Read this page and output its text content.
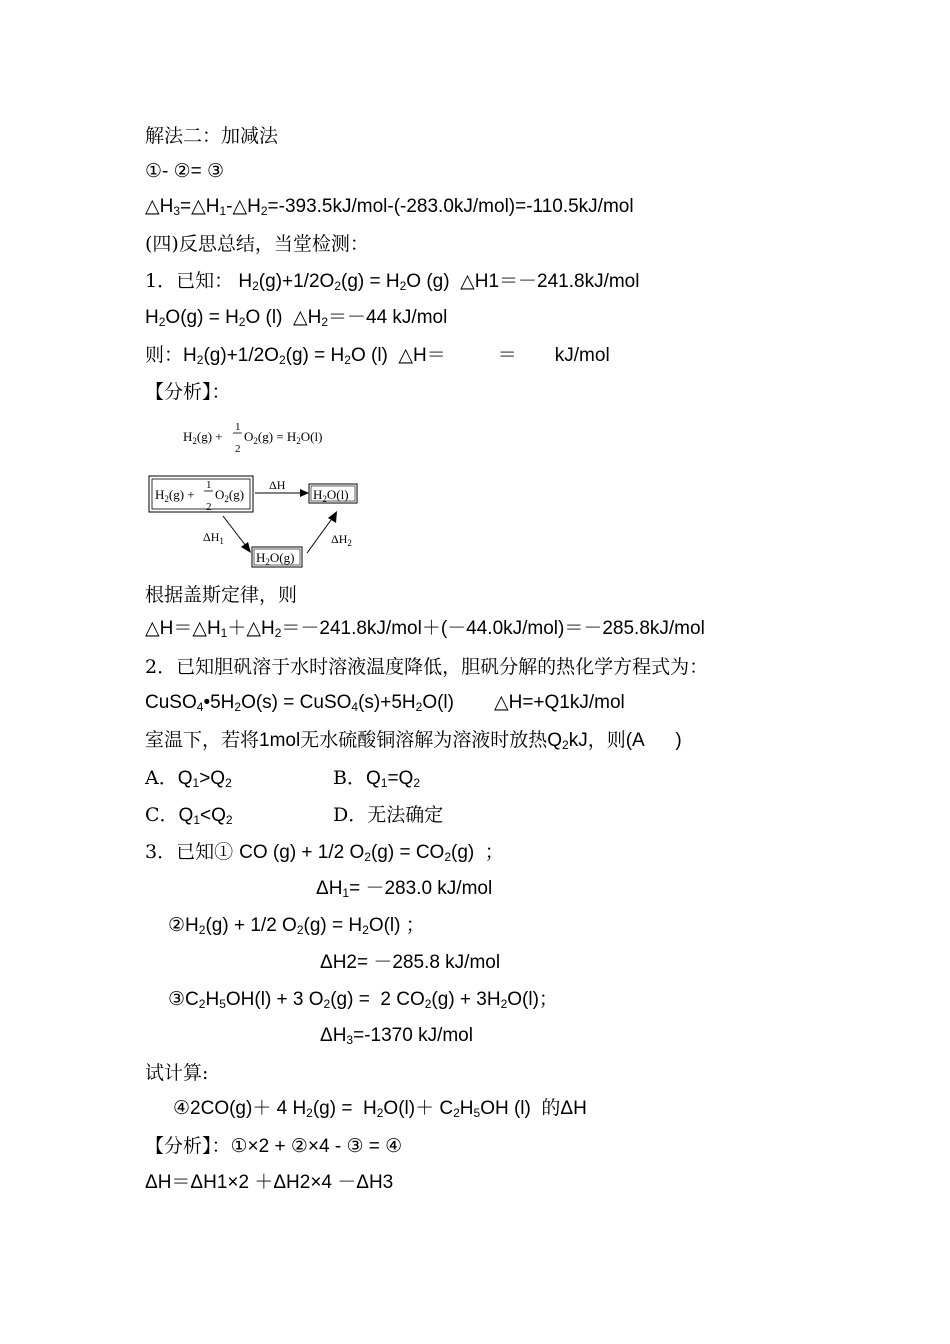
解法二：加减法
①- ②= ③
$\triangle H_3=\triangle H_1-\triangle H_2=-393.5kJ/mol-(-283.0kJ/mol)=-110.5kJ$/mol
(四)反思总结，当堂检测：
1．已知： $H_2(g)+1/2O_2(g) = H_2O$ (g)  △H1＝－241.8kJ/mol
$H_2O(g) = H_2O$ (l)  $\triangle H_2=-44$ kJ/mol
则：$H_2(g)+1/2O_2(g) = H_2O$ (l)  △H＝	＝ kJ/mol
【分析】：
$H_2(g)$ +
1
2
$O_2(g) = H_2O(l)$
$H_2(g)$ +
1
2
$O_2(g)$
ΔH
$H_2O(l)$
$\Delta H_1$
$H_2O(g)$
$\Delta H_2$
根据盖斯定律，则
$\triangle H=\triangle H_1+\triangle H_2=-241.8kJ/mol+(-44.0kJ/mol)=-285.8kJ$/mol
2．已知胆矾溶于水时溶液温度降低，胆矾分解的热化学方程式为：
$CuSO_4•5H_2O(s)$ = $CuSO_4(s)+5H_2O(l)$ △H=+Q1kJ/mol
室温下，若将1mol无水硫酸铜溶解为溶液时放热$Q_2kJ$，则(A      )
A．$Q_1>Q_2$	B．$Q_1=Q_2$
C．$Q_1<Q_2$	D．无法确定
3．已知① CO (g) + 1/2 $O_2(g) = CO_2(g)$  ；
$\Delta H_1= -283.0$ kJ/mol
$②H_2(g) + 1/2$ $O_2(g) = H_2O(l)$ ；
ΔH2= －285.8 kJ/mol
$③C_2H_5OH(l) + 3$ $O_2(g) = 2$ $CO_2(g) + 3H_2O(l)$；
$\Delta H_3=-1370$ kJ/mol
试计算:
④2CO(g)＋ 4 $H_2(g) = H_2O(l)+ C_2H_5OH$ (l)  的ΔH
【分析】：①×2 + ②×4 - ③ = ④
ΔH＝ΔH1×2 ＋ΔH2×4 －ΔH3
